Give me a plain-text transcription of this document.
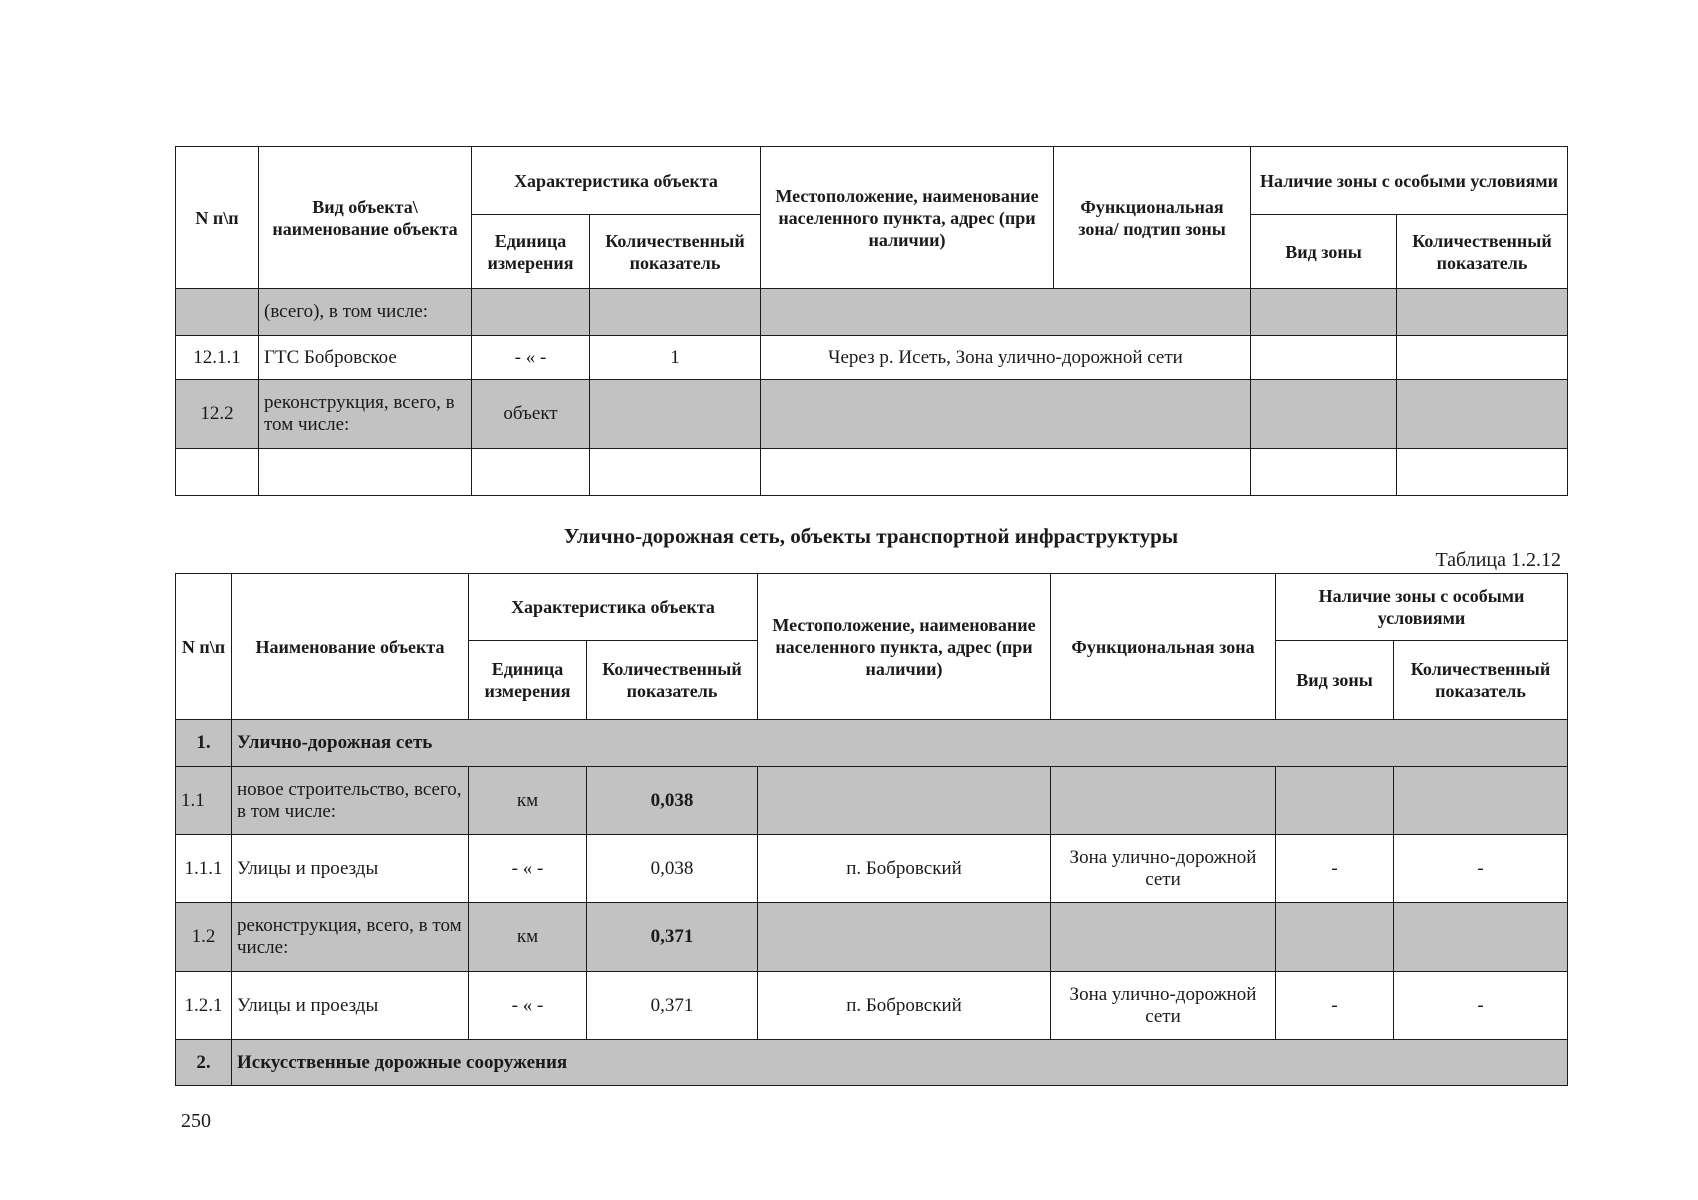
N п\п	Вид объекта\ наименование объекта	Характеристика объекта		Местоположение, наименование населенного пункта, адрес (при наличии)	Функциональная зона/ подтип зоны	Наличие зоны с особыми условиями	
		Единица измерения	Количественный показатель			Вид зоны	Количественный показатель
	(всего), в том числе:						
12.1.1	ГТС Бобровское	- « -	1	Через р. Исеть, Зона улично-дорожной сети			
12.2	реконструкция, всего, в том числе:	объект					

Улично-дорожная сеть, объекты транспортной инфраструктуры
Таблица 1.2.12
N п\п	Наименование объекта	Характеристика объекта		Местоположение, наименование населенного пункта, адрес (при наличии)	Функциональная зона	Наличие зоны с особыми условиями	
		Единица измерения	Количественный показатель			Вид зоны	Количественный показатель
1.	Улично-дорожная сеть						
1.1	новое строительство, всего, в том числе:	км	0,038				
1.1.1	Улицы и проезды	- « -	0,038	п. Бобровский	Зона улично-дорожной сети	-	-
1.2	реконструкция, всего, в том числе:	км	0,371				
1.2.1	Улицы и проезды	- « -	0,371	п. Бобровский	Зона улично-дорожной сети	-	-
2.	Искусственные дорожные сооружения						
250
